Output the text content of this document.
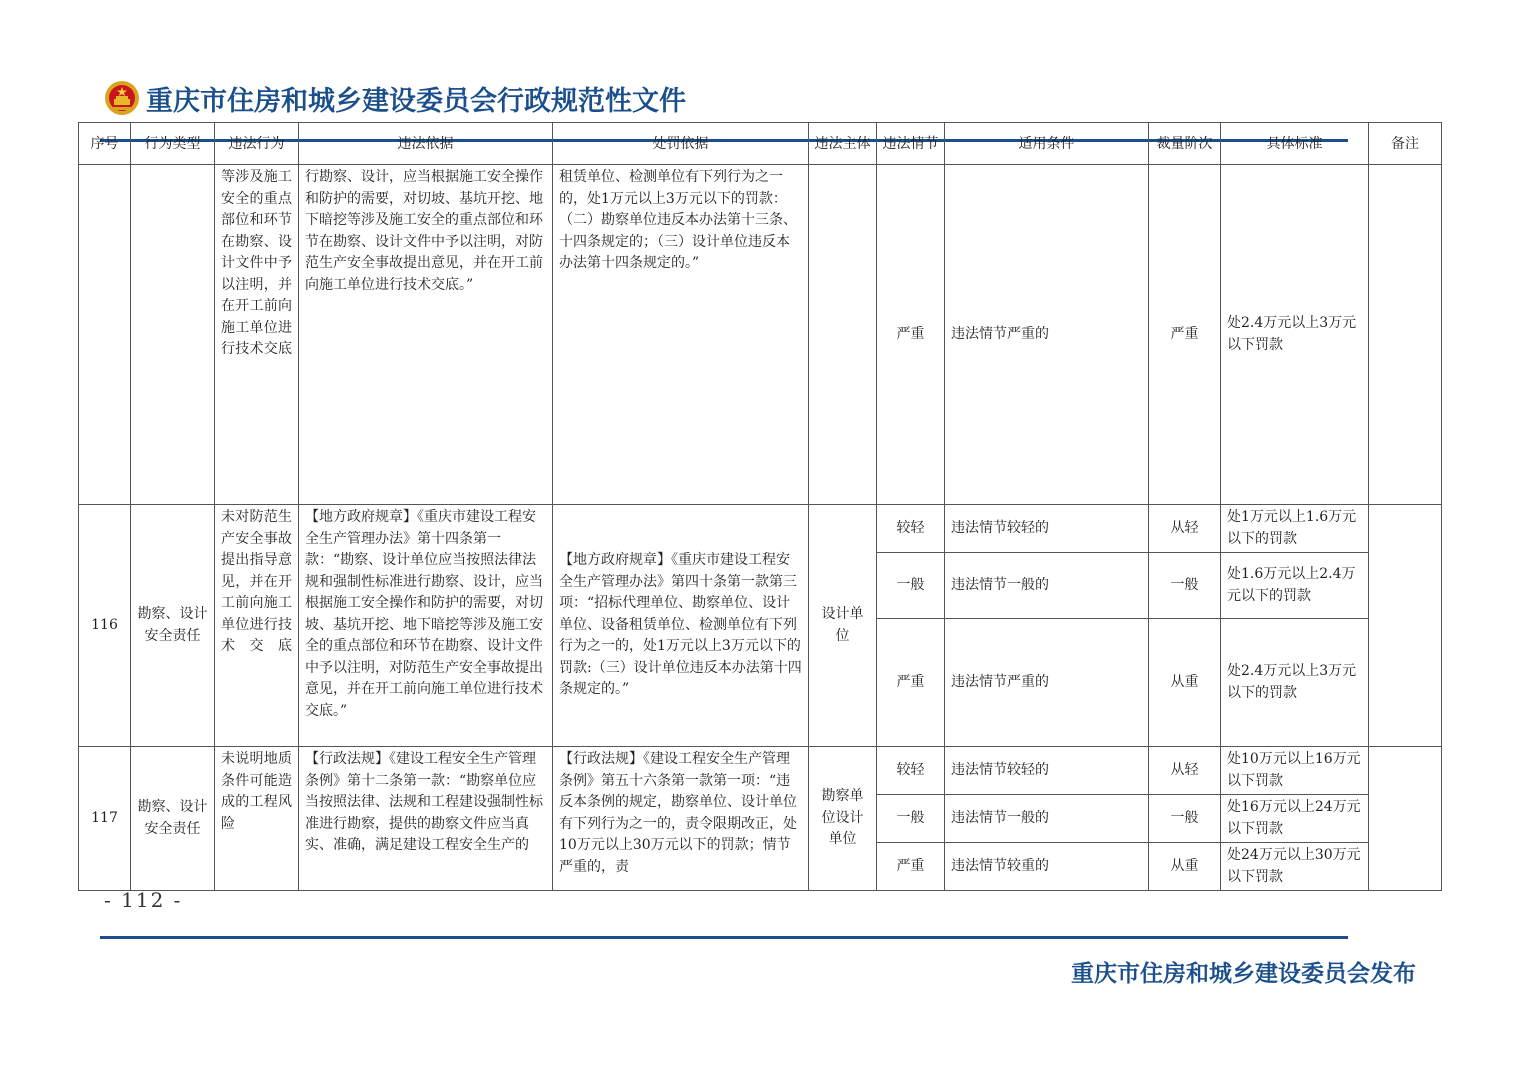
重庆市住房和城乡建设委员会行政规范性文件
序号	行为类型	违法行为	违法依据	处罚依据	违法主体	违法情节	适用条件	裁量阶次	具体标准	备注
		等涉及施工安全的重点部位和环节在勘察、设计文件中予以注明，并在开工前向施工单位进行技术交底	行勘察、设计，应当根据施工安全操作和防护的需要，对切坡、基坑开挖、地下暗挖等涉及施工安全的重点部位和环节在勘察、设计文件中予以注明，对防范生产安全事故提出意见，并在开工前向施工单位进行技术交底。”	租赁单位、检测单位有下列行为之一的，处1万元以上3万元以下的罚款：（二）勘察单位违反本办法第十三条、十四条规定的；（三）设计单位违反本办法第十四条规定的。”		严重	违法情节严重的	严重	处2.4万元以上3万元以下罚款	
116	勘察、设计安全责任	未对防范生产安全事故提出指导意见，并在开工前向施工单位进行技术交底	【地方政府规章】《重庆市建设工程安全生产管理办法》第十四条第一款：“勘察、设计单位应当按照法律法规和强制性标准进行勘察、设计，应当根据施工安全操作和防护的需要，对切坡、基坑开挖、地下暗挖等涉及施工安全的重点部位和环节在勘察、设计文件中予以注明，对防范生产安全事故提出意见，并在开工前向施工单位进行技术交底。”	【地方政府规章】《重庆市建设工程安全生产管理办法》第四十条第一款第三项：“招标代理单位、勘察单位、设计单位、设备租赁单位、检测单位有下列行为之一的，处1万元以上3万元以下的罚款:（三）设计单位违反本办法第十四条规定的。”	设计单位	较轻	违法情节较轻的	从轻	处1万元以上1.6万元以下的罚款	
						一般	违法情节一般的	一般	处1.6万元以上2.4万元以下的罚款	
						严重	违法情节严重的	从重	处2.4万元以上3万元以下的罚款	
117	勘察、设计安全责任	未说明地质条件可能造成的工程风险	【行政法规】《建设工程安全生产管理条例》第十二条第一款：“勘察单位应当按照法律、法规和工程建设强制性标准进行勘察，提供的勘察文件应当真实、准确，满足建设工程安全生产的	【行政法规】《建设工程安全生产管理条例》第五十六条第一款第一项：“违反本条例的规定，勘察单位、设计单位有下列行为之一的，责令限期改正，处10万元以上30万元以下的罚款；情节严重的，责	勘察单位设计单位	较轻	违法情节较轻的	从轻	处10万元以上16万元以下罚款	
						一般	违法情节一般的	一般	处16万元以上24万元以下罚款	
						严重	违法情节较重的	从重	处24万元以上30万元以下罚款	
- 112 -
重庆市住房和城乡建设委员会发布
